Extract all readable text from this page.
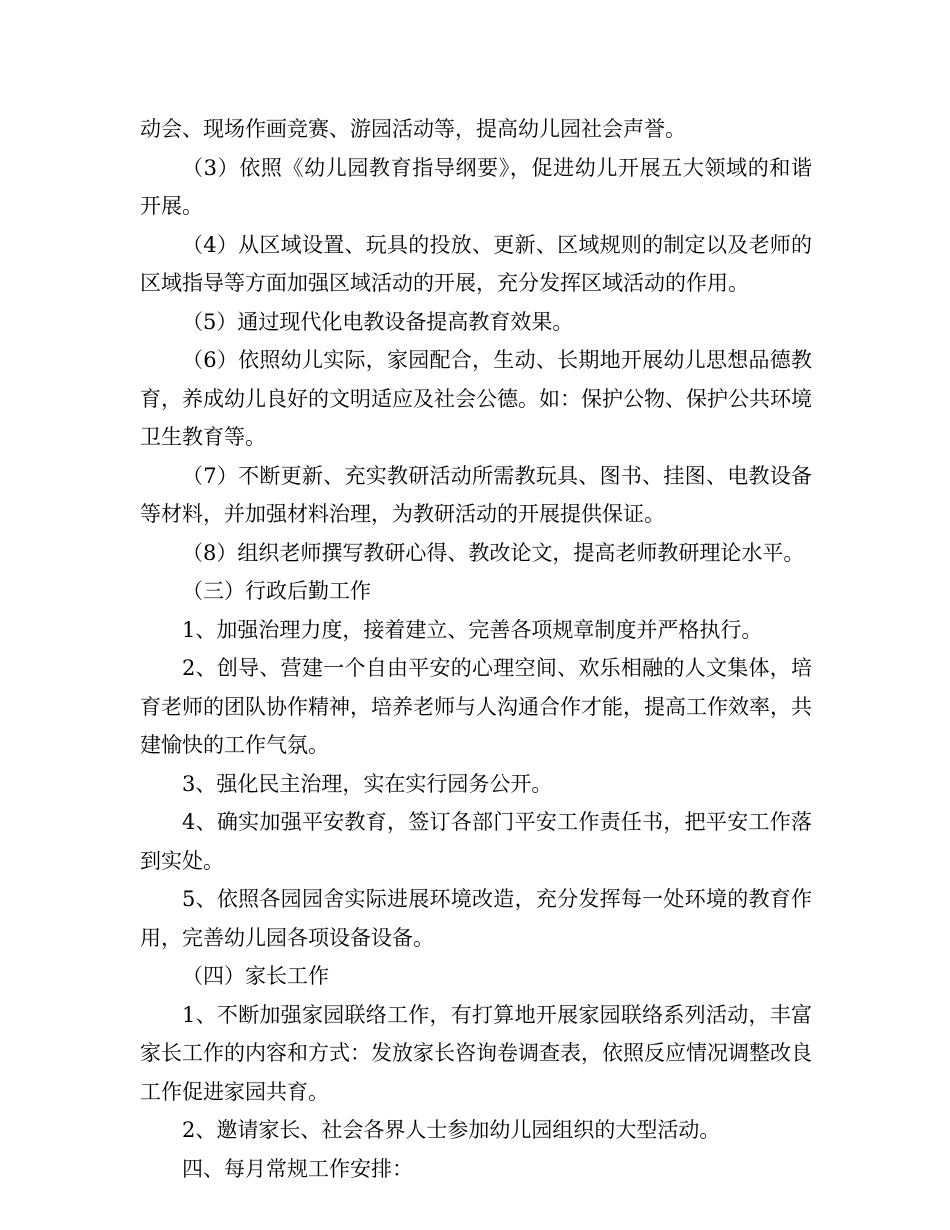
动会、现场作画竞赛、游园活动等，提高幼儿园社会声誉。

（3）依照《幼儿园教育指导纲要》，促进幼儿开展五大领域的和谐开展。

（4）从区域设置、玩具的投放、更新、区域规则的制定以及老师的区域指导等方面加强区域活动的开展，充分发挥区域活动的作用。

（5）通过现代化电教设备提高教育效果。

（6）依照幼儿实际，家园配合，生动、长期地开展幼儿思想品德教育，养成幼儿良好的文明适应及社会公德。如：保护公物、保护公共环境卫生教育等。

（7）不断更新、充实教研活动所需教玩具、图书、挂图、电教设备等材料，并加强材料治理，为教研活动的开展提供保证。

（8）组织老师撰写教研心得、教改论文，提高老师教研理论水平。

（三）行政后勤工作

1、加强治理力度，接着建立、完善各项规章制度并严格执行。

2、创导、营建一个自由平安的心理空间、欢乐相融的人文集体，培育老师的团队协作精神，培养老师与人沟通合作才能，提高工作效率，共建愉快的工作气氛。

3、强化民主治理，实在实行园务公开。

4、确实加强平安教育，签订各部门平安工作责任书，把平安工作落到实处。

5、依照各园园舍实际进展环境改造，充分发挥每一处环境的教育作用，完善幼儿园各项设备设备。

（四）家长工作

1、不断加强家园联络工作，有打算地开展家园联络系列活动，丰富家长工作的内容和方式：发放家长咨询卷调查表，依照反应情况调整改良工作促进家园共育。

2、邀请家长、社会各界人士参加幼儿园组织的大型活动。

四、每月常规工作安排：
